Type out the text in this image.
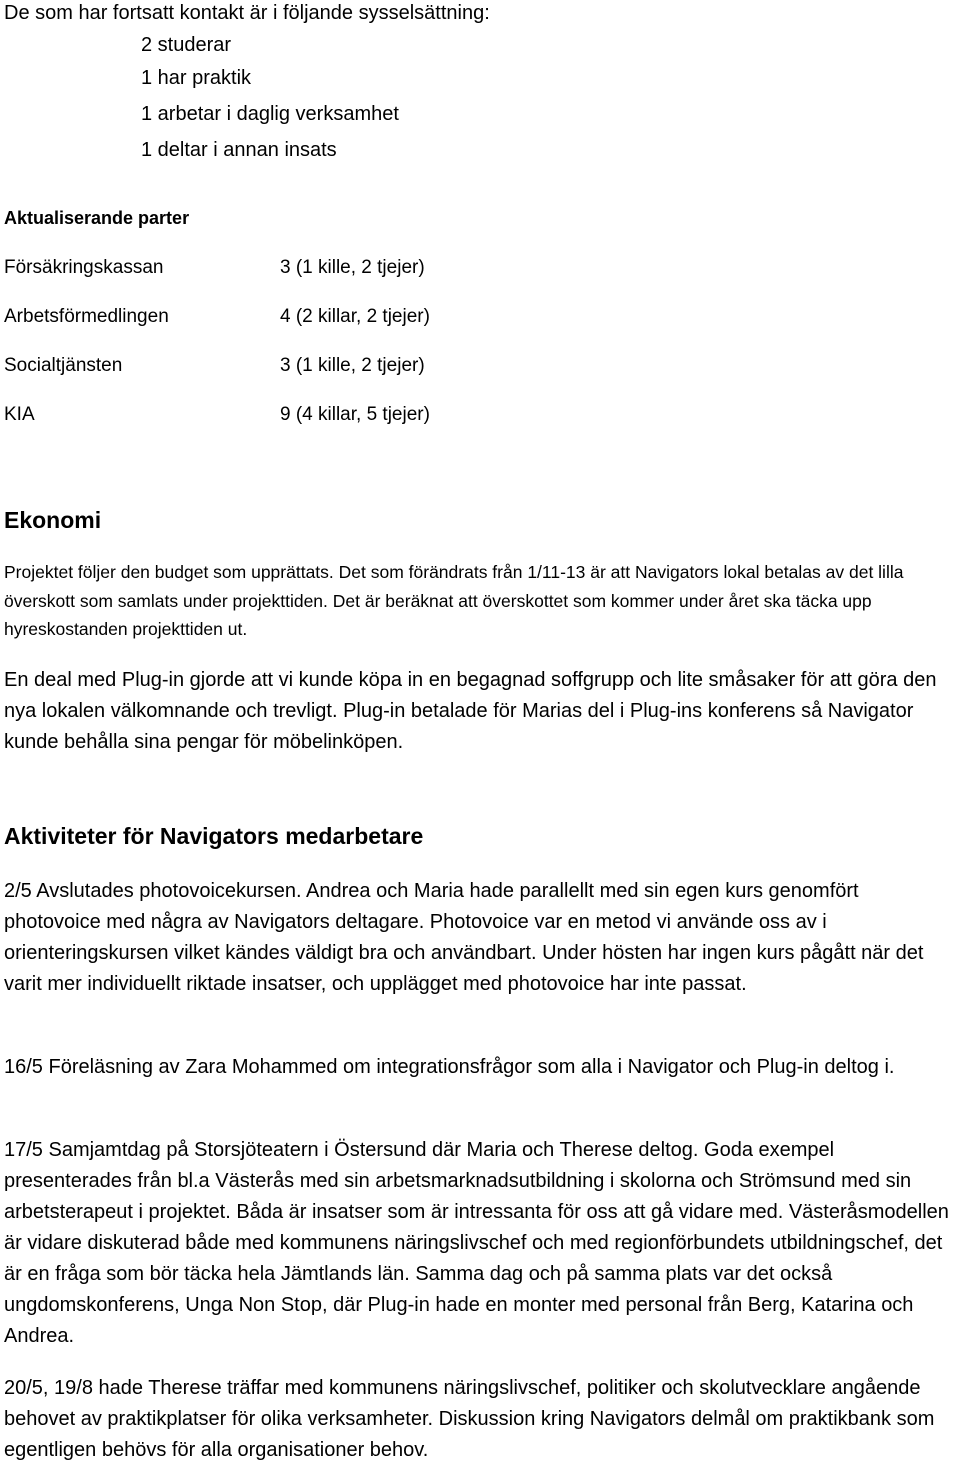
De som har fortsatt kontakt är i följande sysselsättning:
2 studerar
1 har praktik
1 arbetar i daglig verksamhet
1 deltar i annan insats
Aktualiserande parter
Försäkringskassan	3 (1 kille, 2 tjejer)
Arbetsförmedlingen	4 (2 killar, 2 tjejer)
Socialtjänsten	3 (1 kille, 2 tjejer)
KIA	9 (4 killar, 5 tjejer)
Ekonomi

Projektet följer den budget som upprättats. Det som förändrats från 1/11-13 är att Navigators lokal betalas av det lilla överskott som samlats under projekttiden. Det är beräknat att överskottet som kommer under året ska täcka upp hyreskostanden projekttiden ut.

En deal med Plug-in gjorde att vi kunde köpa in en begagnad soffgrupp och lite småsaker för att göra den nya lokalen välkomnande och trevligt. Plug-in betalade för Marias del i Plug-ins konferens så Navigator kunde behålla sina pengar för möbelinköpen.

Aktiviteter för Navigators medarbetare

2/5 Avslutades photovoicekursen. Andrea och Maria hade parallellt med sin egen kurs genomfört photovoice med några av Navigators deltagare. Photovoice var en metod vi använde oss av i orienteringskursen vilket kändes väldigt bra och användbart. Under hösten har ingen kurs pågått när det varit mer individuellt riktade insatser, och upplägget med photovoice har inte passat.

16/5 Föreläsning av Zara Mohammed om integrationsfrågor som alla i Navigator och Plug-in deltog i.

17/5 Samjamtdag på Storsjöteatern i Östersund där Maria och Therese deltog. Goda exempel presenterades från bl.a Västerås med sin arbetsmarknadsutbildning i skolorna och Strömsund med sin arbetsterapeut i projektet. Båda är insatser som är intressanta för oss att gå vidare med. Västeråsmodellen är vidare diskuterad både med kommunens näringslivschef och med regionförbundets utbildningschef, det är en fråga som bör täcka hela Jämtlands län. Samma dag och på samma plats var det också ungdomskonferens, Unga Non Stop, där Plug-in hade en monter med personal från Berg, Katarina och Andrea.

20/5, 19/8 hade Therese träffar med kommunens näringslivschef, politiker och skolutvecklare angående behovet av praktikplatser för olika verksamheter. Diskussion kring Navigators delmål om praktikbank som egentligen behövs för alla organisationer behov.
